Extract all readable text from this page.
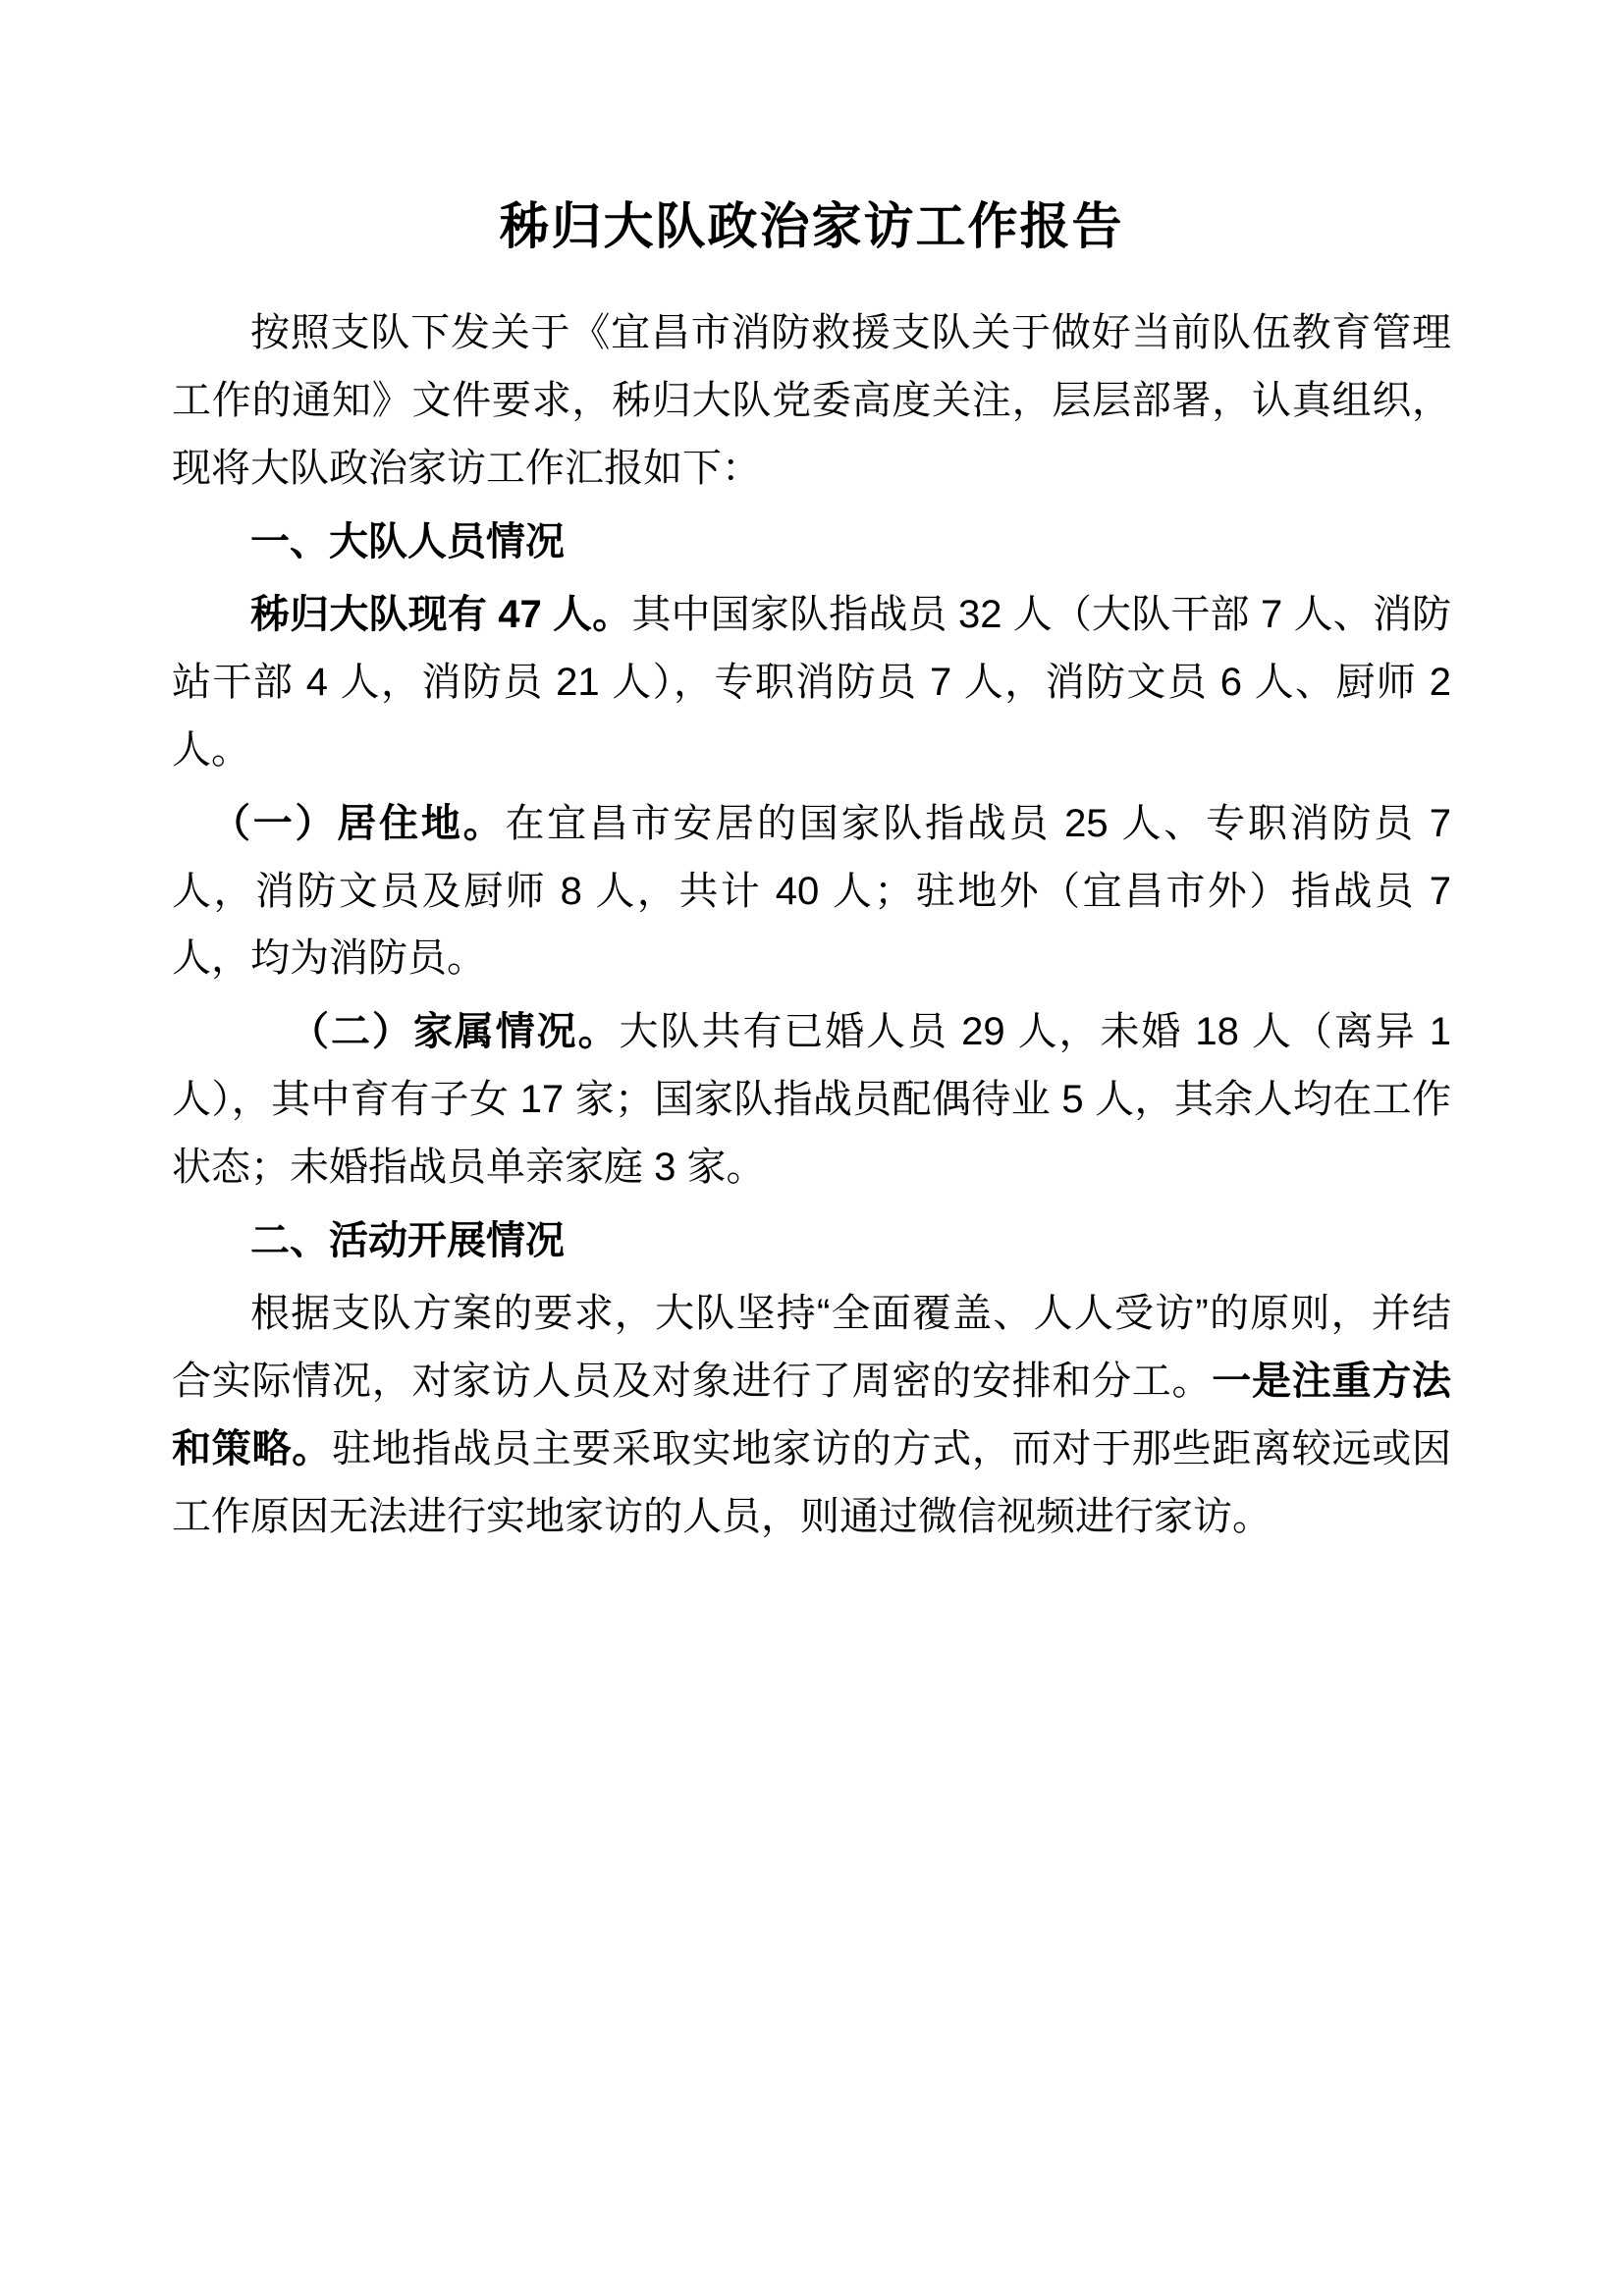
秭归大队政治家访工作报告

按照支队下发关于《宜昌市消防救援支队关于做好当前队伍教育管理工作的通知》文件要求，秭归大队党委高度关注，层层部署，认真组织，现将大队政治家访工作汇报如下：

一、大队人员情况

秭归大队现有 47 人。其中国家队指战员 32 人（大队干部 7 人、消防站干部 4 人，消防员 21 人），专职消防员 7 人，消防文员 6 人、厨师 2 人。

（一）居住地。在宜昌市安居的国家队指战员 25 人、专职消防员 7 人，消防文员及厨师 8 人，共计 40 人；驻地外（宜昌市外）指战员 7 人，均为消防员。

（二）家属情况。大队共有已婚人员 29 人，未婚 18 人（离异 1 人），其中育有子女 17 家；国家队指战员配偶待业 5 人，其余人均在工作状态；未婚指战员单亲家庭 3 家。

二、活动开展情况

根据支队方案的要求，大队坚持“全面覆盖、人人受访”的原则，并结合实际情况，对家访人员及对象进行了周密的安排和分工。一是注重方法和策略。驻地指战员主要采取实地家访的方式，而对于那些距离较远或因工作原因无法进行实地家访的人员，则通过微信视频进行家访。
